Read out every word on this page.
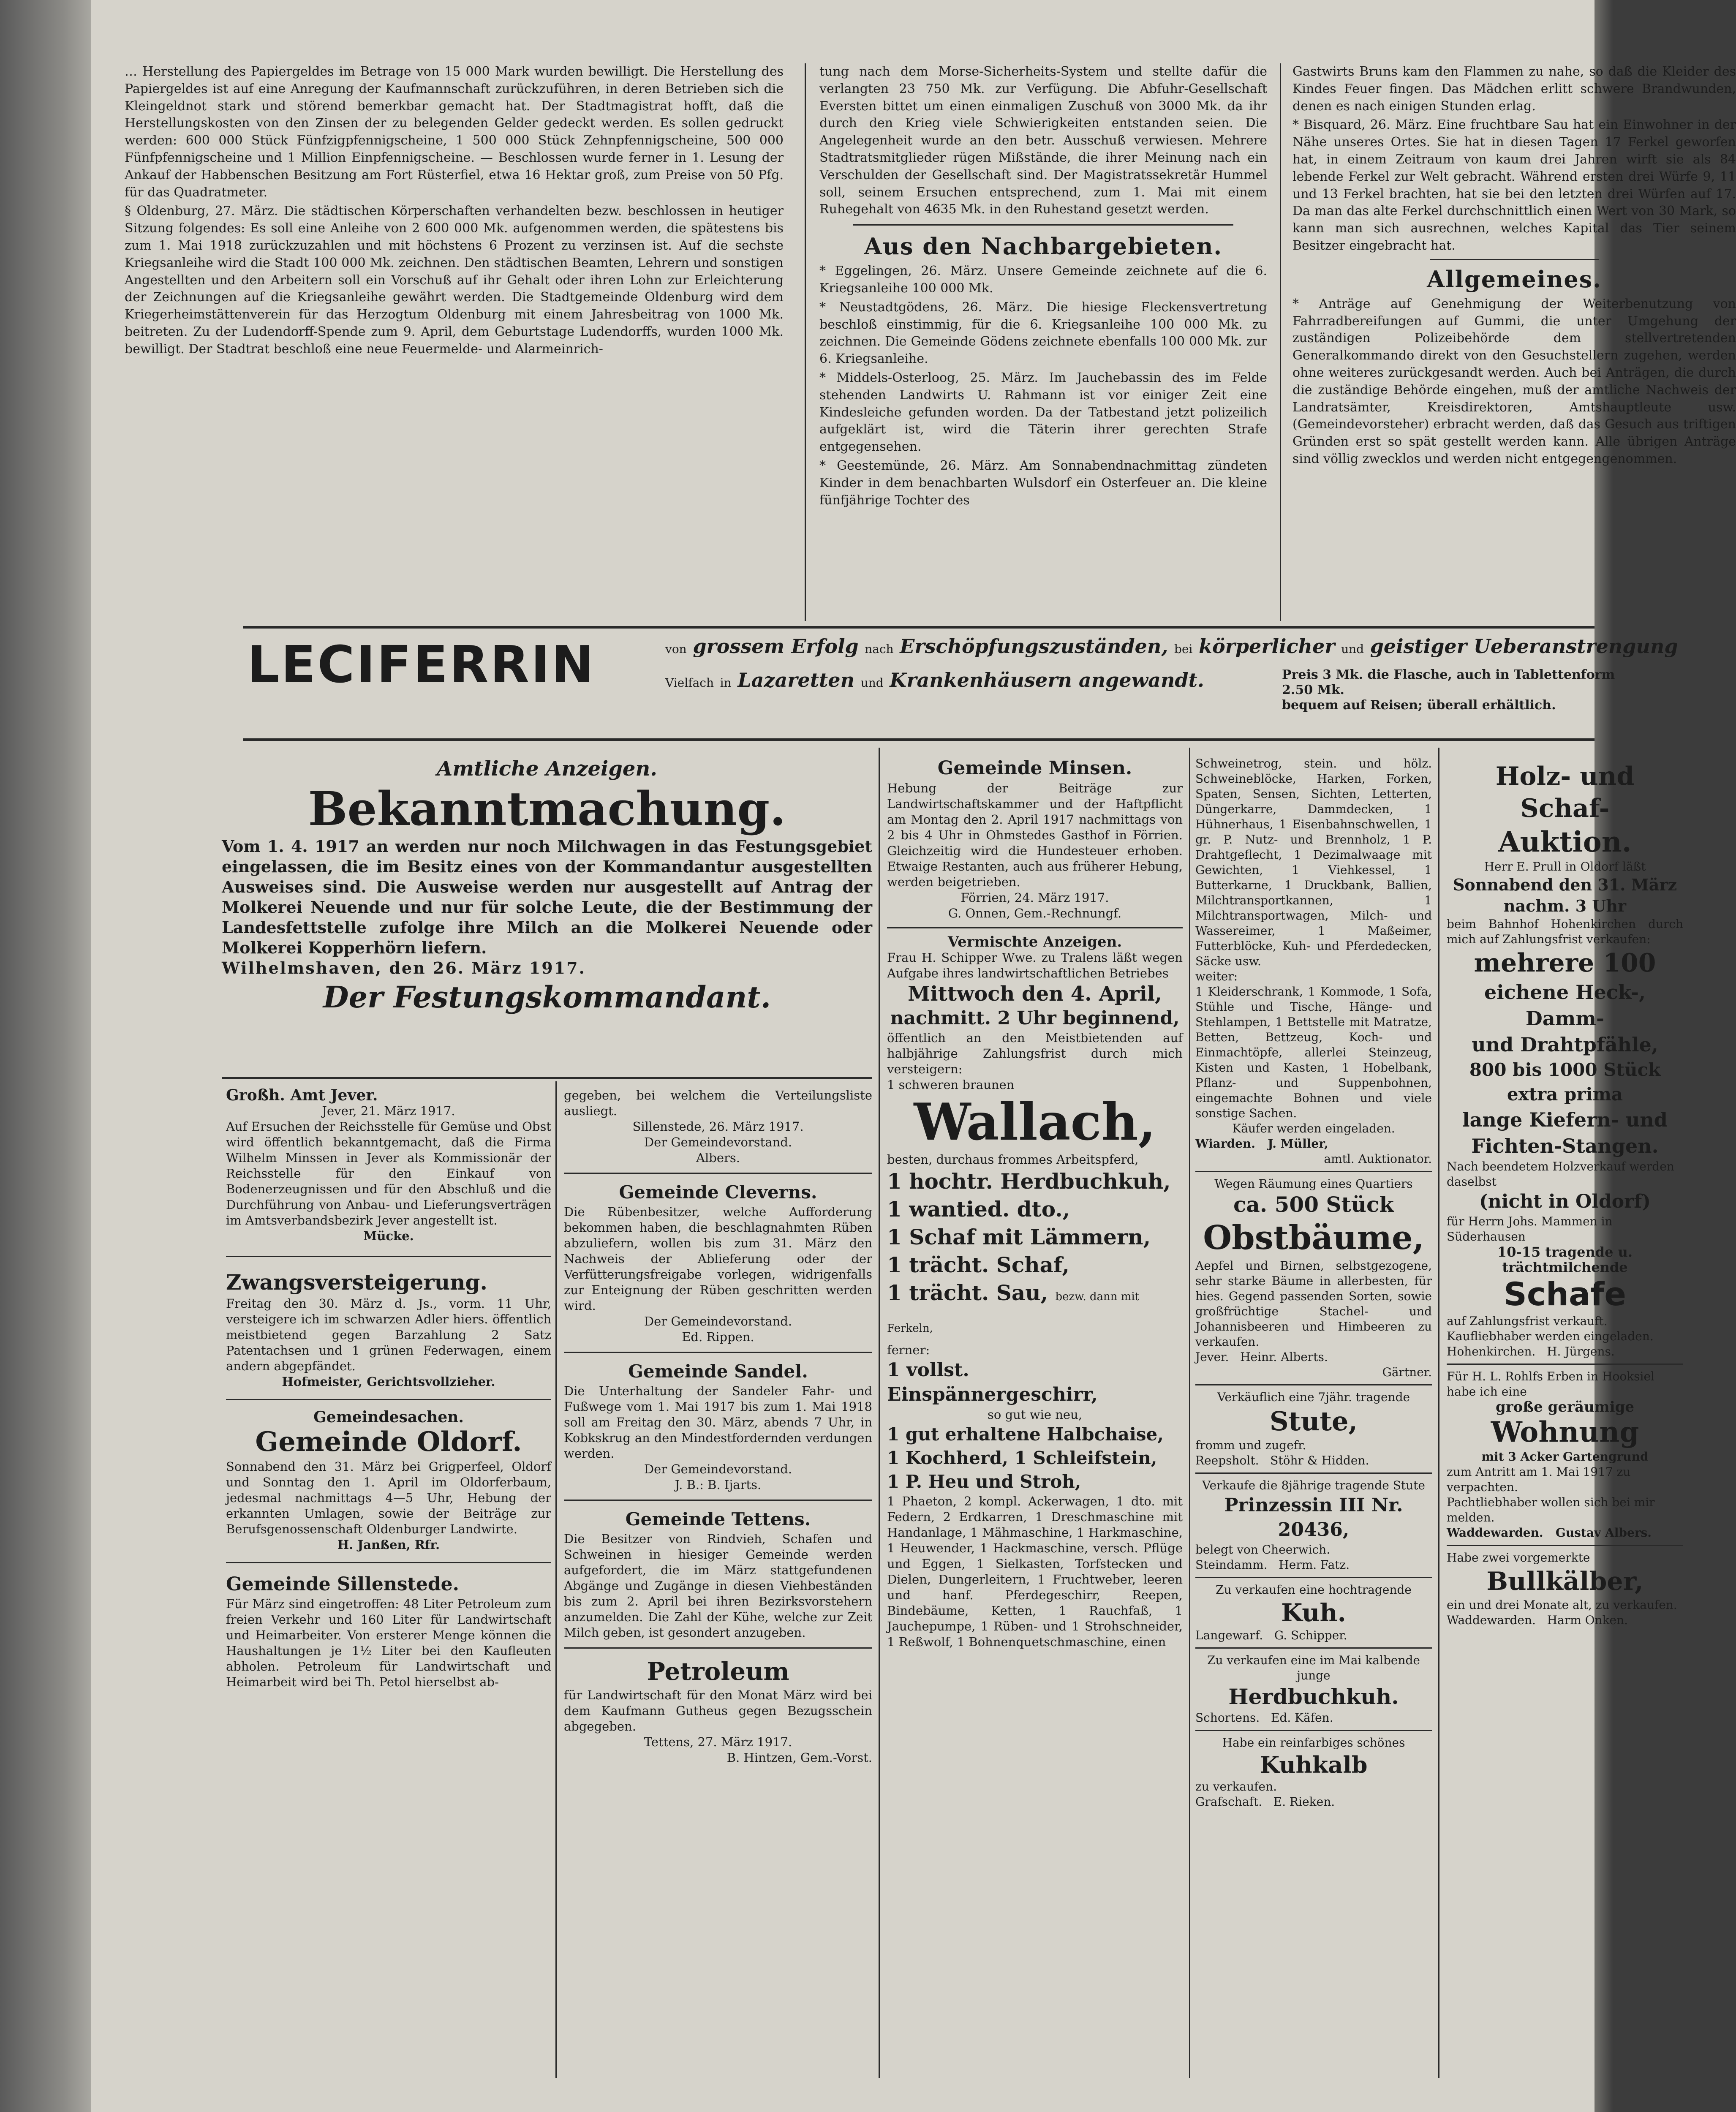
… Herstellung des Papiergeldes im Betrage von 15 000 Mark wurden bewilligt. Die Herstellung des Papiergeldes ist auf eine Anregung der Kaufmannschaft zurückzuführen, in deren Betrieben sich die Kleingeldnot stark und störend bemerkbar gemacht hat. Der Stadtmagistrat hofft, daß die Herstellungskosten von den Zinsen der zu belegenden Gelder gedeckt werden. Es sollen gedruckt werden: 600 000 Stück Fünfzigpfennigscheine, 1 500 000 Stück Zehnpfennigscheine, 500 000 Fünfpfennigscheine und 1 Million Einpfennigscheine. — Beschlossen wurde ferner in 1. Lesung der Ankauf der Habbenschen Besitzung am Fort Rüsterfiel, etwa 16 Hektar groß, zum Preise von 50 Pfg. für das Quadratmeter.

§ Oldenburg, 27. März. Die städtischen Körperschaften verhandelten bezw. beschlossen in heutiger Sitzung folgendes: Es soll eine Anleihe von 2 600 000 Mk. aufgenommen werden, die spätestens bis zum 1. Mai 1918 zurückzuzahlen und mit höchstens 6 Prozent zu verzinsen ist. Auf die sechste Kriegsanleihe wird die Stadt 100 000 Mk. zeichnen. Den städtischen Beamten, Lehrern und sonstigen Angestellten und den Arbeitern soll ein Vorschuß auf ihr Gehalt oder ihren Lohn zur Erleichterung der Zeichnungen auf die Kriegsanleihe gewährt werden. Die Stadtgemeinde Oldenburg wird dem Kriegerheimstättenverein für das Herzogtum Oldenburg mit einem Jahresbeitrag von 1000 Mk. beitreten. Zu der Ludendorff-Spende zum 9. April, dem Geburtstage Ludendorffs, wurden 1000 Mk. bewilligt. Der Stadtrat beschloß eine neue Feuermelde- und Alarmeinrich-

tung nach dem Morse-Sicherheits-System und stellte dafür die verlangten 23 750 Mk. zur Verfügung. Die Abfuhr-Gesellschaft Eversten bittet um einen einmaligen Zuschuß von 3000 Mk. da ihr durch den Krieg viele Schwierigkeiten entstanden seien. Die Angelegenheit wurde an den betr. Ausschuß verwiesen. Mehrere Stadtratsmitglieder rügen Mißstände, die ihrer Meinung nach ein Verschulden der Gesellschaft sind. Der Magistratssekretär Hummel soll, seinem Ersuchen entsprechend, zum 1. Mai mit einem Ruhegehalt von 4635 Mk. in den Ruhestand gesetzt werden.

Aus den Nachbargebieten.

* Eggelingen, 26. März. Unsere Gemeinde zeichnete auf die 6. Kriegsanleihe 100 000 Mk.

* Neustadtgödens, 26. März. Die hiesige Fleckensvertretung beschloß einstimmig, für die 6. Kriegsanleihe 100 000 Mk. zu zeichnen. Die Gemeinde Gödens zeichnete ebenfalls 100 000 Mk. zur 6. Kriegsanleihe.

* Middels-Osterloog, 25. März. Im Jauchebassin des im Felde stehenden Landwirts U. Rahmann ist vor einiger Zeit eine Kindesleiche gefunden worden. Da der Tatbestand jetzt polizeilich aufgeklärt ist, wird die Täterin ihrer gerechten Strafe entgegensehen.

* Geestemünde, 26. März. Am Sonnabendnachmittag zündeten Kinder in dem benachbarten Wulsdorf ein Osterfeuer an. Die kleine fünfjährige Tochter des

Gastwirts Bruns kam den Flammen zu nahe, so daß die Kleider des Kindes Feuer fingen. Das Mädchen erlitt schwere Brandwunden, denen es nach einigen Stunden erlag.

* Bisquard, 26. März. Eine fruchtbare Sau hat ein Einwohner in der Nähe unseres Ortes. Sie hat in diesen Tagen 17 Ferkel geworfen hat, in einem Zeitraum von kaum drei Jahren wirft sie als 84 lebende Ferkel zur Welt gebracht. Während ersten drei Würfe 9, 11 und 13 Ferkel brachten, hat sie bei den letzten drei Würfen auf 17. Da man das alte Ferkel durchschnittlich einen Wert von 30 Mark, so kann man sich ausrechnen, welches Kapital das Tier seinem Besitzer eingebracht hat.

Allgemeines.

* Anträge auf Genehmigung der Weiterbenutzung von Fahrradbereifungen auf Gummi, die unter Umgehung der zuständigen Polizeibehörde dem stellvertretenden Generalkommando direkt von den Gesuchstellern zugehen, werden ohne weiteres zurückgesandt werden. Auch bei Anträgen, die durch die zuständige Behörde eingehen, muß der amtliche Nachweis der Landratsämter, Kreisdirektoren, Amtshauptleute usw. (Gemeindevorsteher) erbracht werden, daß das Gesuch aus triftigen Gründen erst so spät gestellt werden kann. Alle übrigen Anträge sind völlig zwecklos und werden nicht entgegengenommen.

LECIFERRIN	von grossem Erfolg nach Erschöpfungszuständen, bei körperlicher und geistiger Ueberanstrengung
Vielfach in Lazaretten und Krankenhäusern angewandt.	Preis 3 Mk. die Flasche, auch in Tablettenform 2.50 Mk.
bequem auf Reisen; überall erhältlich.

Amtliche Anzeigen.

Bekanntmachung.

Vom 1. 4. 1917 an werden nur noch Milchwagen in das Festungsgebiet eingelassen, die im Besitz eines von der Kommandantur ausgestellten Ausweises sind. Die Ausweise werden nur ausgestellt auf Antrag der Molkerei Neuende und nur für solche Leute, die der Bestimmung der Landesfettstelle zufolge ihre Milch an die Molkerei Neuende oder Molkerei Kopperhörn liefern.

Wilhelmshaven, den 26. März 1917.

Der Festungskommandant.

Großh. Amt Jever.

Jever, 21. März 1917.

Auf Ersuchen der Reichsstelle für Gemüse und Obst wird öffentlich bekanntgemacht, daß die Firma Wilhelm Minssen in Jever als Kommissionär der Reichsstelle für den Einkauf von Bodenerzeugnissen und für den Abschluß und die Durchführung von Anbau- und Lieferungsverträgen im Amtsverbandsbezirk Jever angestellt ist.

Mücke.

Zwangsversteigerung.

Freitag den 30. März d. Js., vorm. 11 Uhr, versteigere ich im schwarzen Adler hiers. öffentlich meistbietend gegen Barzahlung 2 Satz Patentachsen und 1 grünen Federwagen, einem andern abgepfändet.

Hofmeister, Gerichtsvollzieher.

Gemeindesachen.

Gemeinde Oldorf.

Sonnabend den 31. März bei Grigperfeel, Oldorf und Sonntag den 1. April im Oldorferbaum, jedesmal nachmittags 4—5 Uhr, Hebung der erkannten Umlagen, sowie der Beiträge zur Berufsgenossenschaft Oldenburger Landwirte.

H. Janßen, Rfr.

Gemeinde Sillenstede.

Für März sind eingetroffen: 48 Liter Petroleum zum freien Verkehr und 160 Liter für Landwirtschaft und Heimarbeiter. Von ersterer Menge können die Haushaltungen je 1½ Liter bei den Kaufleuten abholen. Petroleum für Landwirtschaft und Heimarbeit wird bei Th. Petol hierselbst ab-

gegeben, bei welchem die Verteilungsliste ausliegt.

Sillenstede, 26. März 1917.

Der Gemeindevorstand.

Albers.

Gemeinde Cleverns.

Die Rübenbesitzer, welche Aufforderung bekommen haben, die beschlagnahmten Rüben abzuliefern, wollen bis zum 31. März den Nachweis der Ablieferung oder der Verfütterungsfreigabe vorlegen, widrigenfalls zur Enteignung der Rüben geschritten werden wird.

Der Gemeindevorstand.

Ed. Rippen.

Gemeinde Sandel.

Die Unterhaltung der Sandeler Fahr- und Fußwege vom 1. Mai 1917 bis zum 1. Mai 1918 soll am Freitag den 30. März, abends 7 Uhr, in Kobkskrug an den Mindestfordernden verdungen werden.

Der Gemeindevorstand.

J. B.: B. Ijarts.

Gemeinde Tettens.

Die Besitzer von Rindvieh, Schafen und Schweinen in hiesiger Gemeinde werden aufgefordert, die im März stattgefundenen Abgänge und Zugänge in diesen Viehbeständen bis zum 2. April bei ihren Bezirksvorstehern anzumelden. Die Zahl der Kühe, welche zur Zeit Milch geben, ist gesondert anzugeben.

Petroleum

für Landwirtschaft für den Monat März wird bei dem Kaufmann Gutheus gegen Bezugsschein abgegeben.

Tettens, 27. März 1917.

B. Hintzen, Gem.-Vorst.

Gemeinde Minsen.

Hebung der Beiträge zur Landwirtschaftskammer und der Haftpflicht am Montag den 2. April 1917 nachmittags von 2 bis 4 Uhr in Ohmstedes Gasthof in Förrien. Gleichzeitig wird die Hundesteuer erhoben. Etwaige Restanten, auch aus früherer Hebung, werden beigetrieben.

Förrien, 24. März 1917.

G. Onnen, Gem.-Rechnungf.

Vermischte Anzeigen.

Frau H. Schipper Wwe. zu Tralens läßt wegen Aufgabe ihres landwirtschaftlichen Betriebes

Mittwoch den 4. April,

nachmitt. 2 Uhr beginnend,

öffentlich an den Meistbietenden auf halbjährige Zahlungsfrist durch mich versteigern:

1 schweren braunen

Wallach,

besten, durchaus frommes Arbeitspferd,

1 hochtr. Herdbuchkuh,

1 wantied. dto.,

1 Schaf mit Lämmern,

1 trächt. Schaf,

1 trächt. Sau, bezw. dann mit Ferkeln,

ferner:

1 vollst. Einspännergeschirr,

so gut wie neu,

1 gut erhaltene Halbchaise,

1 Kochherd, 1 Schleifstein,

1 P. Heu und Stroh,

1 Phaeton, 2 kompl. Ackerwagen, 1 dto. mit Federn, 2 Erdkarren, 1 Dreschmaschine mit Handanlage, 1 Mähmaschine, 1 Harkmaschine, 1 Heuwender, 1 Hackmaschine, versch. Pflüge und Eggen, 1 Sielkasten, Torfstecken und Dielen, Dungerleitern, 1 Fruchtweber, leeren und hanf. Pferdegeschirr, Reepen, Bindebäume, Ketten, 1 Rauchfaß, 1 Jauchepumpe, 1 Rüben- und 1 Strohschneider, 1 Reßwolf, 1 Bohnenquetschmaschine, einen

Schweinetrog, stein. und hölz. Schweineblöcke, Harken, Forken, Spaten, Sensen, Sichten, Letterten, Düngerkarre, Dammdecken, 1 Hühnerhaus, 1 Eisenbahnschwellen, 1 gr. P. Nutz- und Brennholz, 1 P. Drahtgeflecht, 1 Dezimalwaage mit Gewichten, 1 Viehkessel, 1 Butterkarne, 1 Druckbank, Ballien, Milchtransportkannen, 1 Milchtransportwagen, Milch- und Wassereimer, 1 Maßeimer, Futterblöcke, Kuh- und Pferdedecken, Säcke usw.

weiter:

1 Kleiderschrank, 1 Kommode, 1 Sofa, Stühle und Tische, Hänge- und Stehlampen, 1 Bettstelle mit Matratze, Betten, Bettzeug, Koch- und Einmachtöpfe, allerlei Steinzeug, Kisten und Kasten, 1 Hobelbank, Pflanz- und Suppenbohnen, eingemachte Bohnen und viele sonstige Sachen.

Käufer werden eingeladen.

Wiarden. J. Müller,

amtl. Auktionator.

Wegen Räumung eines Quartiers

ca. 500 Stück

Obstbäume,

Aepfel und Birnen, selbstgezogene, sehr starke Bäume in allerbesten, für hies. Gegend passenden Sorten, sowie großfrüchtige Stachel- und Johannisbeeren und Himbeeren zu verkaufen.

Jever. Heinr. Alberts.

Gärtner.

Verkäuflich eine 7jähr. tragende

Stute,

fromm und zugefr.

Reepsholt. Stöhr & Hidden.

Verkaufe die 8jährige tragende Stute

Prinzessin III Nr. 20436,

belegt von Cheerwich.

Steindamm. Herm. Fatz.

Zu verkaufen eine hochtragende

Kuh.

Langewarf. G. Schipper.

Zu verkaufen eine im Mai kalbende junge

Herdbuchkuh.

Schortens. Ed. Käfen.

Habe ein reinfarbiges schönes

Kuhkalb

zu verkaufen.

Grafschaft. E. Rieken.

Holz- und Schaf-

Auktion.

Herr E. Prull in Oldorf läßt

Sonnabend den 31. März

nachm. 3 Uhr

beim Bahnhof Hohenkirchen durch mich auf Zahlungsfrist verkaufen:

mehrere 100

eichene Heck-, Damm-

und Drahtpfähle,

800 bis 1000 Stück

extra prima

lange Kiefern- und

Fichten-Stangen.

Nach beendetem Holzverkauf werden daselbst

(nicht in Oldorf)

für Herrn Johs. Mammen in Süderhausen

10-15 tragende u. trächtmilchende

Schafe

auf Zahlungsfrist verkauft.

Kaufliebhaber werden eingeladen.

Hohenkirchen. H. Jürgens.

Für H. L. Rohlfs Erben in Hooksiel habe ich eine

große geräumige

Wohnung

mit 3 Acker Gartengrund

zum Antritt am 1. Mai 1917 zu verpachten.

Pachtliebhaber wollen sich bei mir melden.

Waddewarden. Gustav Albers.

Habe zwei vorgemerkte

Bullkälber,

ein und drei Monate alt, zu verkaufen.

Waddewarden. Harm Onken.
